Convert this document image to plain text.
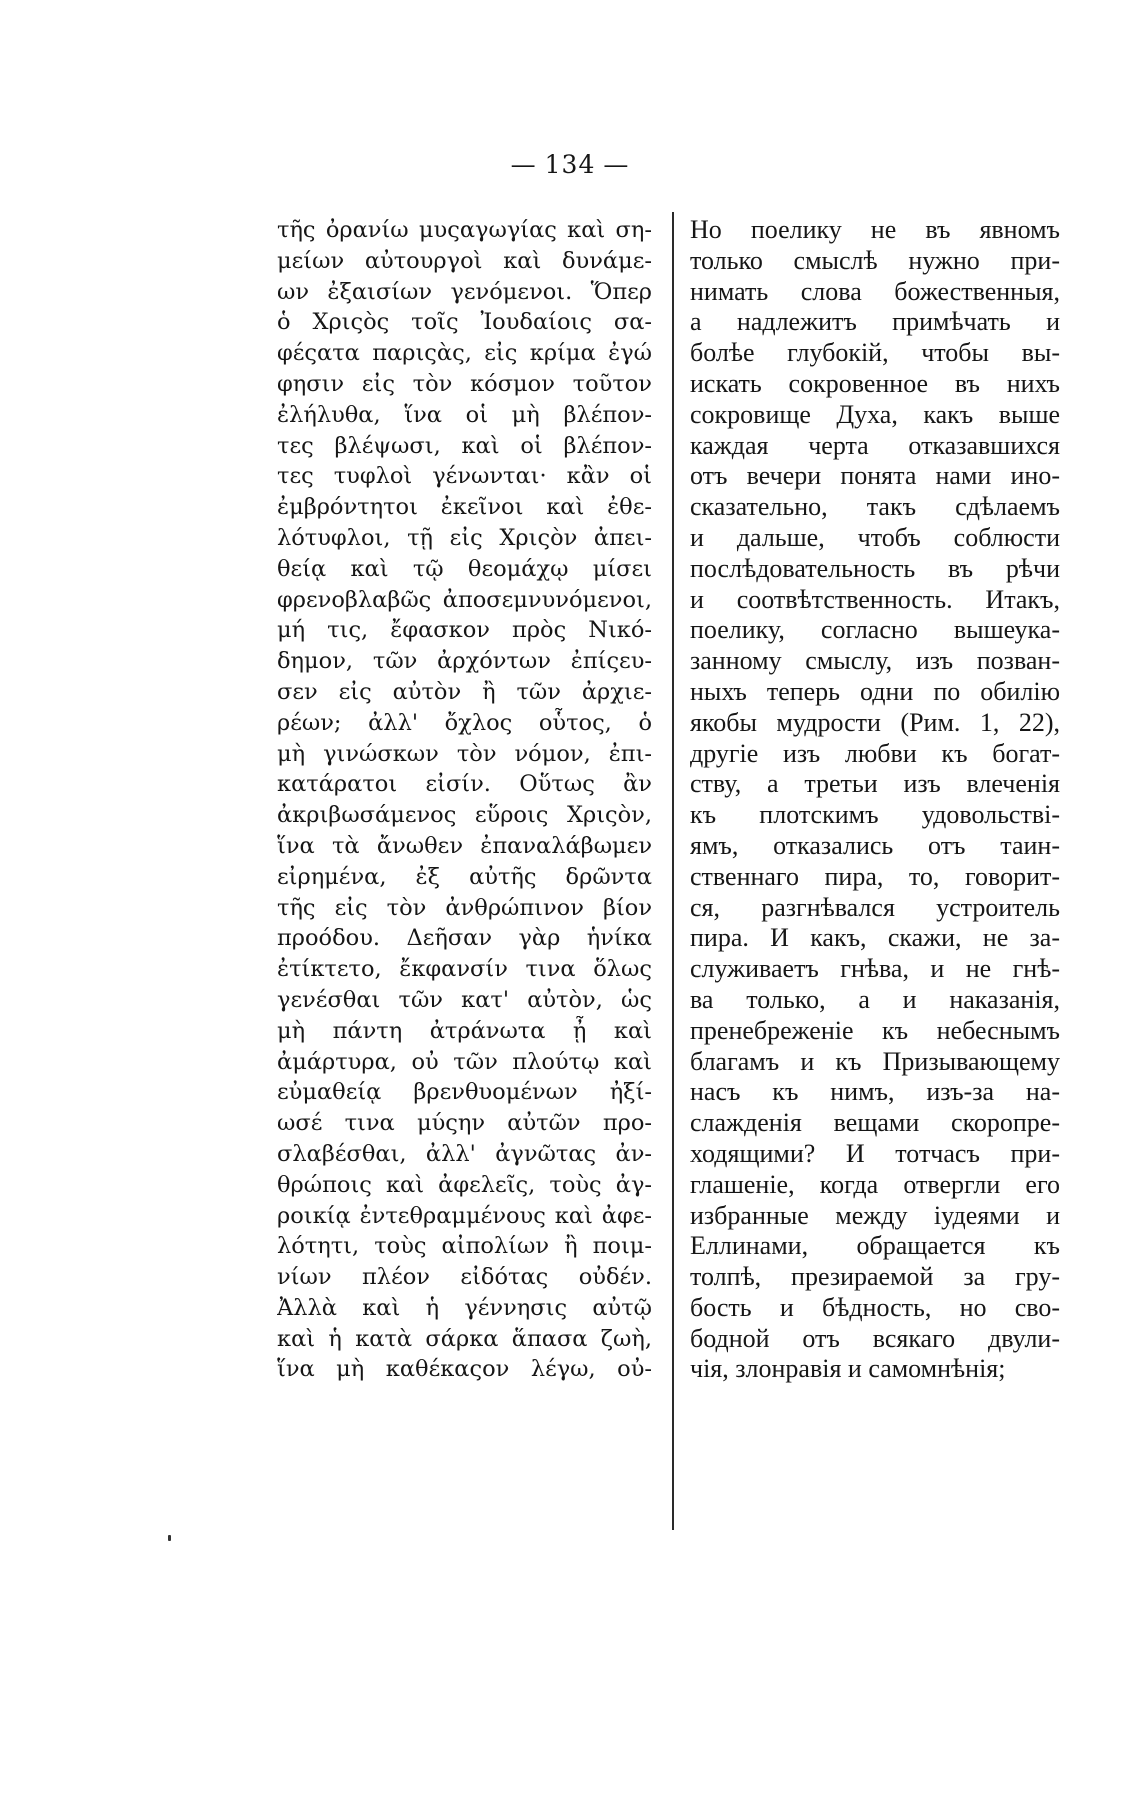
— 134 —
τῆς ὀρανίω μυςαγωγίας καὶ ση-
μείων αὐτουργοὶ καὶ δυνάμε-
ων ἐξαισίων γενόμενοι. Ὅπερ
ὁ Χριςὸς τοῖς Ἰουδαίοις σα-
φέςατα παριςὰς, εἰς κρίμα ἐγώ
φησιν εἰς τὸν κόσμον τοῦτον
ἐλήλυθα, ἵνα οἱ μὴ βλέπον-
τες βλέψωσι, καὶ οἱ βλέπον-
τες τυφλοὶ γένωνται· κἂν οἱ
ἐμβρόντητοι ἐκεῖνοι καὶ ἐθε-
λότυφλοι, τῇ εἰς Χριςὸν ἀπει-
θείᾳ καὶ τῷ θεομάχῳ μίσει
φρενοβλαβῶς ἀποσεμνυνόμενοι,
μή τις, ἔφασκον πρὸς Νικό-
δημον, τῶν ἀρχόντων ἐπίςευ-
σεν εἰς αὐτὸν ἢ τῶν ἀρχιε-
ρέων; ἀλλ' ὄχλος οὗτος, ὁ
μὴ γινώσκων τὸν νόμον, ἐπι-
κατάρατοι εἰσίν. Οὕτως ἂν
ἀκριβωσάμενος εὕροις Χριςὸν,
ἵνα τὰ ἄνωθεν ἐπαναλάβωμεν
εἰρημένα, ἐξ αὐτῆς δρῶντα
τῆς εἰς τὸν ἀνθρώπινον βίον
προόδου. Δεῆσαν γὰρ ἡνίκα
ἐτίκτετο, ἔκφανσίν τινα ὅλως
γενέσθαι τῶν κατ' αὐτὸν, ὡς
μὴ πάντη ἀτράνωτα ᾖ καὶ
ἀμάρτυρα, οὐ τῶν πλούτῳ καὶ
εὐμαθείᾳ βρενθυομένων ἠξί-
ωσέ τινα μύςην αὐτῶν προ-
σλαβέσθαι, ἀλλ' ἀγνῶτας ἀν-
θρώποις καὶ ἀφελεῖς, τοὺς ἀγ-
ροικίᾳ ἐντεθραμμένους καὶ ἀφε-
λότητι, τοὺς αἰπολίων ἢ ποιμ-
νίων πλέον εἰδότας οὐδέν.
Ἀλλὰ καὶ ἡ γέννησις αὐτῷ
καὶ ἡ κατὰ σάρκα ἅπασα ζωὴ,
ἵνα μὴ καθέκαςον λέγω, οὐ-
Но поелику не въ явномъ
только смыслѣ нужно при-
нимать слова божественныя,
а надлежитъ примѣчать и
болѣе глубокій, чтобы вы-
искать сокровенное въ нихъ
сокровище Духа, какъ выше
каждая черта отказавшихся
отъ вечери понята нами ино-
сказательно, такъ сдѣлаемъ
и дальше, чтобъ соблюсти
послѣдовательность въ рѣчи
и соотвѣтственность. Итакъ,
поелику, согласно вышеука-
занному смыслу, изъ позван-
ныхъ теперь одни по обилію
якобы мудрости (Рим. 1, 22),
другіе изъ любви къ богат-
ству, а третьи изъ влеченія
къ плотскимъ удовольстві-
ямъ, отказались отъ таин-
ственнаго пира, то, говорит-
ся, разгнѣвался устроитель
пира. И какъ, скажи, не за-
служиваетъ гнѣва, и не гнѣ-
ва только, а и наказанія,
пренебреженіе къ небеснымъ
благамъ и къ Призывающему
насъ къ нимъ, изъ-за на-
слажденія вещами скоропре-
ходящими? И тотчасъ при-
глашеніе, когда отвергли его
избранные между іудеями и
Еллинами, обращается къ
толпѣ, презираемой за гру-
бость и бѣдность, но сво-
бодной отъ всякаго двули-
чія, злонравія и самомнѣнія;
